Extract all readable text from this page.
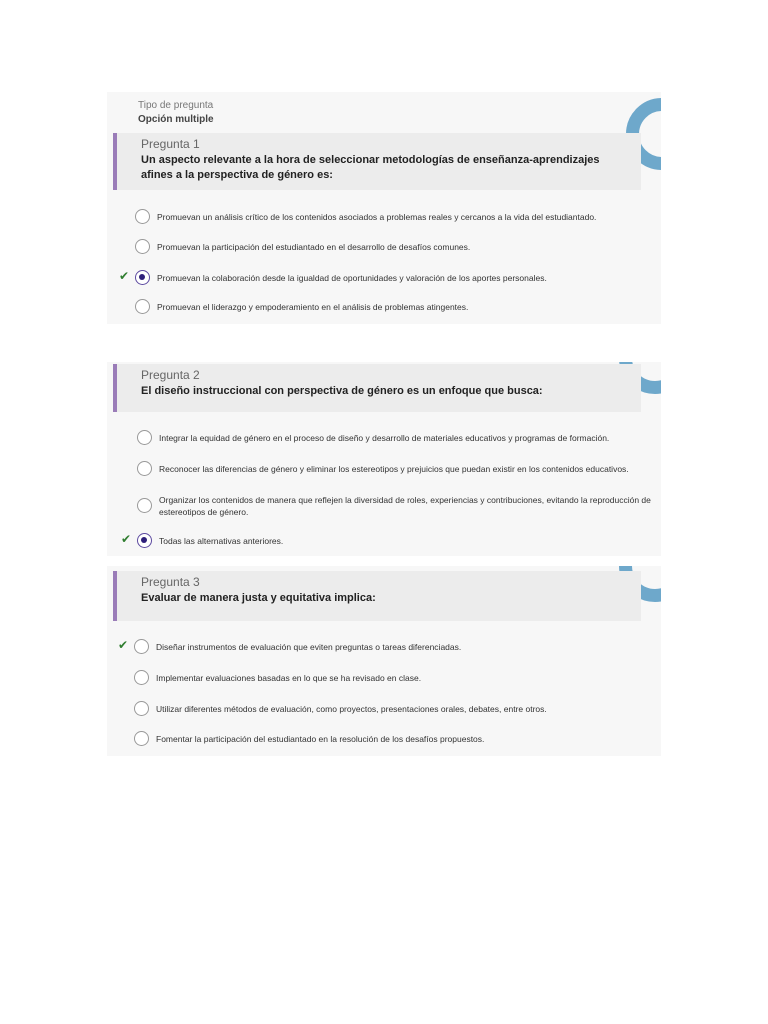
Tipo de pregunta
Opción multiple
Pregunta 1
Un aspecto relevante a la hora de seleccionar metodologías de enseñanza-aprendizajes afines a la perspectiva de género es:
Promuevan un análisis crítico de los contenidos asociados a problemas reales y cercanos a la vida del estudiantado.
Promuevan la participación del estudiantado en el desarrollo de desafíos comunes.
✔	Promuevan la colaboración desde la igualdad de oportunidades y valoración de los aportes personales.
Promuevan el liderazgo y empoderamiento en el análisis de problemas atingentes.
Pregunta 2
El diseño instruccional con perspectiva de género es un enfoque que busca:
Integrar la equidad de género en el proceso de diseño y desarrollo de materiales educativos y programas de formación.
Reconocer las diferencias de género y eliminar los estereotipos y prejuicios que puedan existir en los contenidos educativos.
Organizar los contenidos de manera que reflejen la diversidad de roles, experiencias y contribuciones, evitando la reproducción de estereotipos de género.
✔	Todas las alternativas anteriores.
Pregunta 3
Evaluar de manera justa y equitativa implica:
✔	Diseñar instrumentos de evaluación que eviten preguntas o tareas diferenciadas.
Implementar evaluaciones basadas en lo que se ha revisado en clase.
Utilizar diferentes métodos de evaluación, como proyectos, presentaciones orales, debates, entre otros.
Fomentar la participación del estudiantado en la resolución de los desafíos propuestos.
